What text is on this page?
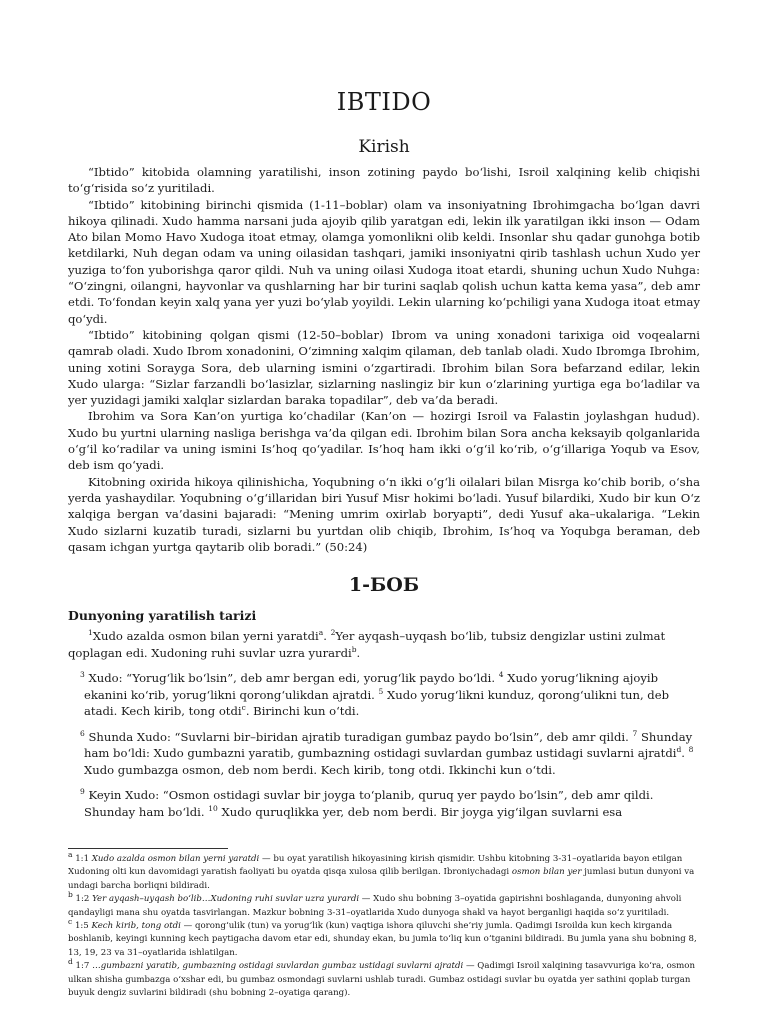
IBTIDO
Kirish

“Ibtido” kitobida olamning yaratilishi, inson zotining paydo bo‘lishi, Isroil xalqining kelib chiqishi to‘g‘risida so‘z yuritiladi.

“Ibtido” kitobining birinchi qismida (1-11–boblar) olam va insoniyatning Ibrohimgacha bo‘lgan davri hikoya qilinadi. Xudo hamma narsani juda ajoyib qilib yaratgan edi, lekin ilk yaratilgan ikki inson — Odam Ato bilan Momo Havo Xudoga itoat etmay, olamga yomonlikni olib keldi. Insonlar shu qadar gunohga botib ketdilarki, Nuh degan odam va uning oilasidan tashqari, jamiki insoniyatni qirib tashlash uchun Xudo yer yuziga to‘fon yuborishga qaror qildi. Nuh va uning oilasi Xudoga itoat etardi, shuning uchun Xudo Nuhga: “O‘zingni, oilangni, hayvonlar va qushlarning har bir turini saqlab qolish uchun katta kema yasa”, deb amr etdi. To‘fondan keyin xalq yana yer yuzi bo‘ylab yoyildi. Lekin ularning ko‘pchiligi yana Xudoga itoat etmay qo‘ydi.

“Ibtido” kitobining qolgan qismi (12-50–boblar) Ibrom va uning xonadoni tarixiga oid voqealarni qamrab oladi. Xudo Ibrom xonadonini, O‘zimning xalqim qilaman, deb tanlab oladi. Xudo Ibromga Ibrohim, uning xotini Sorayga Sora, deb ularning ismini o‘zgartiradi. Ibrohim bilan Sora befarzand edilar, lekin Xudo ularga: “Sizlar farzandli bo‘lasizlar, sizlarning naslingiz bir kun o‘zlarining yurtiga ega bo‘ladilar va yer yuzidagi jamiki xalqlar sizlardan baraka topadilar”, deb va’da beradi.

Ibrohim va Sora Kan’on yurtiga ko‘chadilar (Kan’on — hozirgi Isroil va Falastin joylashgan hudud). Xudo bu yurtni ularning nasliga berishga va’da qilgan edi. Ibrohim bilan Sora ancha keksayib qolganlarida o‘g‘il ko‘radilar va uning ismini Is’hoq qo‘yadilar. Is’hoq ham ikki o‘g‘il ko‘rib, o‘g‘illariga Yoqub va Esov, deb ism qo‘yadi.

Kitobning oxirida hikoya qilinishicha, Yoqubning o‘n ikki o‘g‘li oilalari bilan Misrga ko‘chib borib, o‘sha yerda yashaydilar. Yoqubning o‘g‘illaridan biri Yusuf Misr hokimi bo‘ladi. Yusuf bilardiki, Xudo bir kun O‘z xalqiga bergan va’dasini bajaradi: “Mening umrim oxirlab boryapti”, dedi Yusuf aka–ukalariga. “Lekin Xudo sizlarni kuzatib turadi, sizlarni bu yurtdan olib chiqib, Ibrohim, Is’hoq va Yoqubga beraman, deb qasam ichgan yurtga qaytarib olib boradi.” (50:24)

1-БОБ
Dunyoning yaratilish tarizi

$^1$Xudo azalda osmon bilan yerni yaratdi$^a$. $^2$Yer ayqash–uyqash bo‘lib, tubsiz dengizlar ustini zulmat qoplagan edi. Xudoning ruhi suvlar uzra yurardi$^b$.

$^3$ Xudo: “Yorug‘lik bo‘lsin”, deb amr bergan edi, yorug‘lik paydo bo‘ldi. $^4$ Xudo yorug‘likning ajoyib ekanini ko‘rib, yorug‘likni qorong‘ulikdan ajratdi. $^5$ Xudo yorug‘likni kunduz, qorong‘ulikni tun, deb atadi. Kech kirib, tong otdi$^c$. Birinchi kun o‘tdi.

$^6$ Shunda Xudo: “Suvlarni bir–biridan ajratib turadigan gumbaz paydo bo‘lsin”, deb amr qildi. $^7$ Shunday ham bo‘ldi: Xudo gumbazni yaratib, gumbazning ostidagi suvlardan gumbaz ustidagi suvlarni ajratdi$^d$. $^8$ Xudo gumbazga osmon, deb nom berdi. Kech kirib, tong otdi. Ikkinchi kun o‘tdi.

$^9$ Keyin Xudo: “Osmon ostidagi suvlar bir joyga to‘planib, quruq yer paydo bo‘lsin”, deb amr qildi. Shunday ham bo‘ldi. $^{10}$ Xudo quruqlikka yer, deb nom berdi. Bir joyga yig‘ilgan suvlarni esa

$^a$ 1:1 Xudo azalda osmon bilan yerni yaratdi — bu oyat yaratilish hikoyasining kirish qismidir. Ushbu kitobning 3-31–oyatlarida bayon etilgan Xudoning olti kun davomidagi yaratish faoliyati bu oyatda qisqa xulosa qilib berilgan. Ibroniychadagi osmon bilan yer jumlasi butun dunyoni va undagi barcha borliqni bildiradi.

$^b$ 1:2 Yer ayqash–uyqash bo‘lib…Xudoning ruhi suvlar uzra yurardi — Xudo shu bobning 3–oyatida gapirishni boshlaganda, dunyoning ahvoli qandayligi mana shu oyatda tasvirlangan. Mazkur bobning 3-31–oyatlarida Xudo dunyoga shakl va hayot berganligi haqida so‘z yuritiladi.

$^c$ 1:5 Kech kirib, tong otdi — qorong‘ulik (tun) va yorug‘lik (kun) vaqtiga ishora qiluvchi she’riy jumla. Qadimgi Isroilda kun kech kirganda boshlanib, keyingi kunning kech paytigacha davom etar edi, shunday ekan, bu jumla to‘liq kun o‘tganini bildiradi. Bu jumla yana shu bobning 8, 13, 19, 23 va 31–oyatlarida ishlatilgan.

$^d$ 1:7 …gumbazni yaratib, gumbazning ostidagi suvlardan gumbaz ustidagi suvlarni ajratdi — Qadimgi Isroil xalqining tasavvuriga ko‘ra, osmon ulkan shisha gumbazga o‘xshar edi, bu gumbaz osmondagi suvlarni ushlab turadi. Gumbaz ostidagi suvlar bu oyatda yer sathini qoplab turgan buyuk dengiz suvlarini bildiradi (shu bobning 2–oyatiga qarang).
